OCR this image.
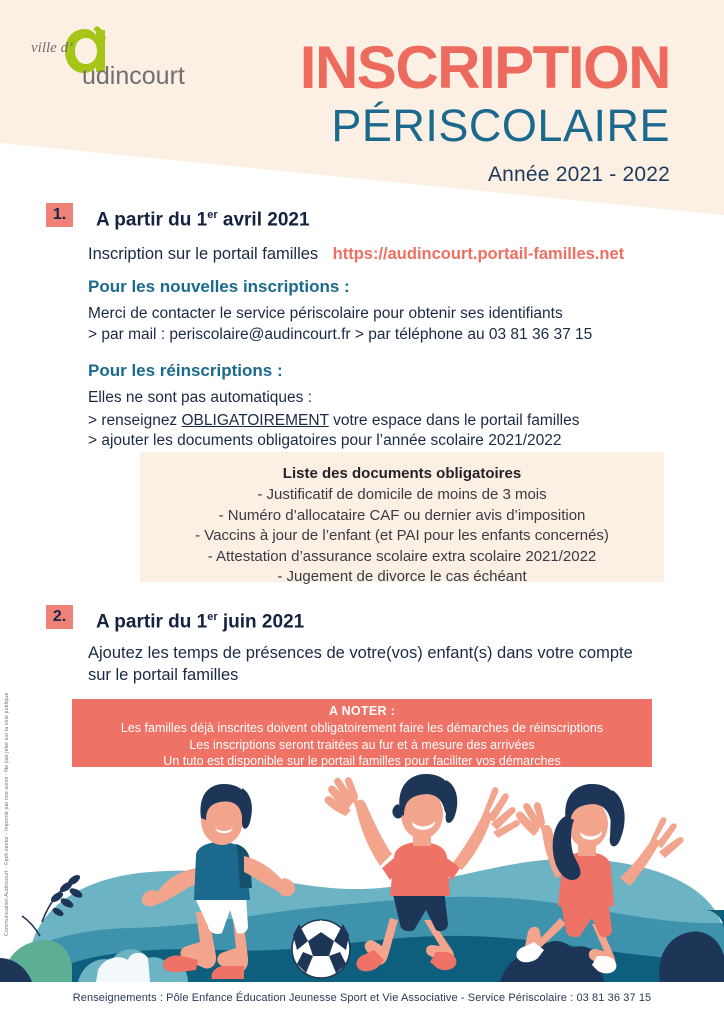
ville d’
udincourt INSCRIPTION
PÉRISCOLAIRE
Année 2021 - 2022
1.	A partir du 1er avril 2021
Inscription sur le portail familles https://audincourt.portail-familles.net
Pour les nouvelles inscriptions :
Merci de contacter le service périscolaire pour obtenir ses identifiants
> par mail : periscolaire@audincourt.fr > par téléphone au 03 81 36 37 15
Pour les réinscriptions :
Elles ne sont pas automatiques :
> renseignez OBLIGATOIREMENT votre espace dans le portail familles
> ajouter les documents obligatoires pour l’année scolaire 2021/2022
Liste des documents obligatoires
- Justificatif de domicile de moins de 3 mois
- Numéro d’allocataire CAF ou dernier avis d’imposition
- Vaccins à jour de l’enfant (et PAI pour les enfants concernés)
- Attestation d’assurance scolaire extra scolaire 2021/2022
- Jugement de divorce le cas échéant
2.	A partir du 1er juin 2021
Ajoutez les temps de présences de votre(vos) enfant(s) dans votre compte
sur le portail familles
A NOTER :
Les familles déjà inscrites doivent obligatoirement faire les démarches de réinscriptions
Les inscriptions seront traitées au fur et à mesure des arrivées
Un tuto est disponible sur le portail familles pour faciliter vos démarches
Renseignements : Pôle Enfance Éducation Jeunesse Sport et Vie Associative - Service Périscolaire : 03 81 36 37 15
Communication Audincourt - ©pch.vector - Imprimé par nos soins - Ne pas jeter sur la voie publique
